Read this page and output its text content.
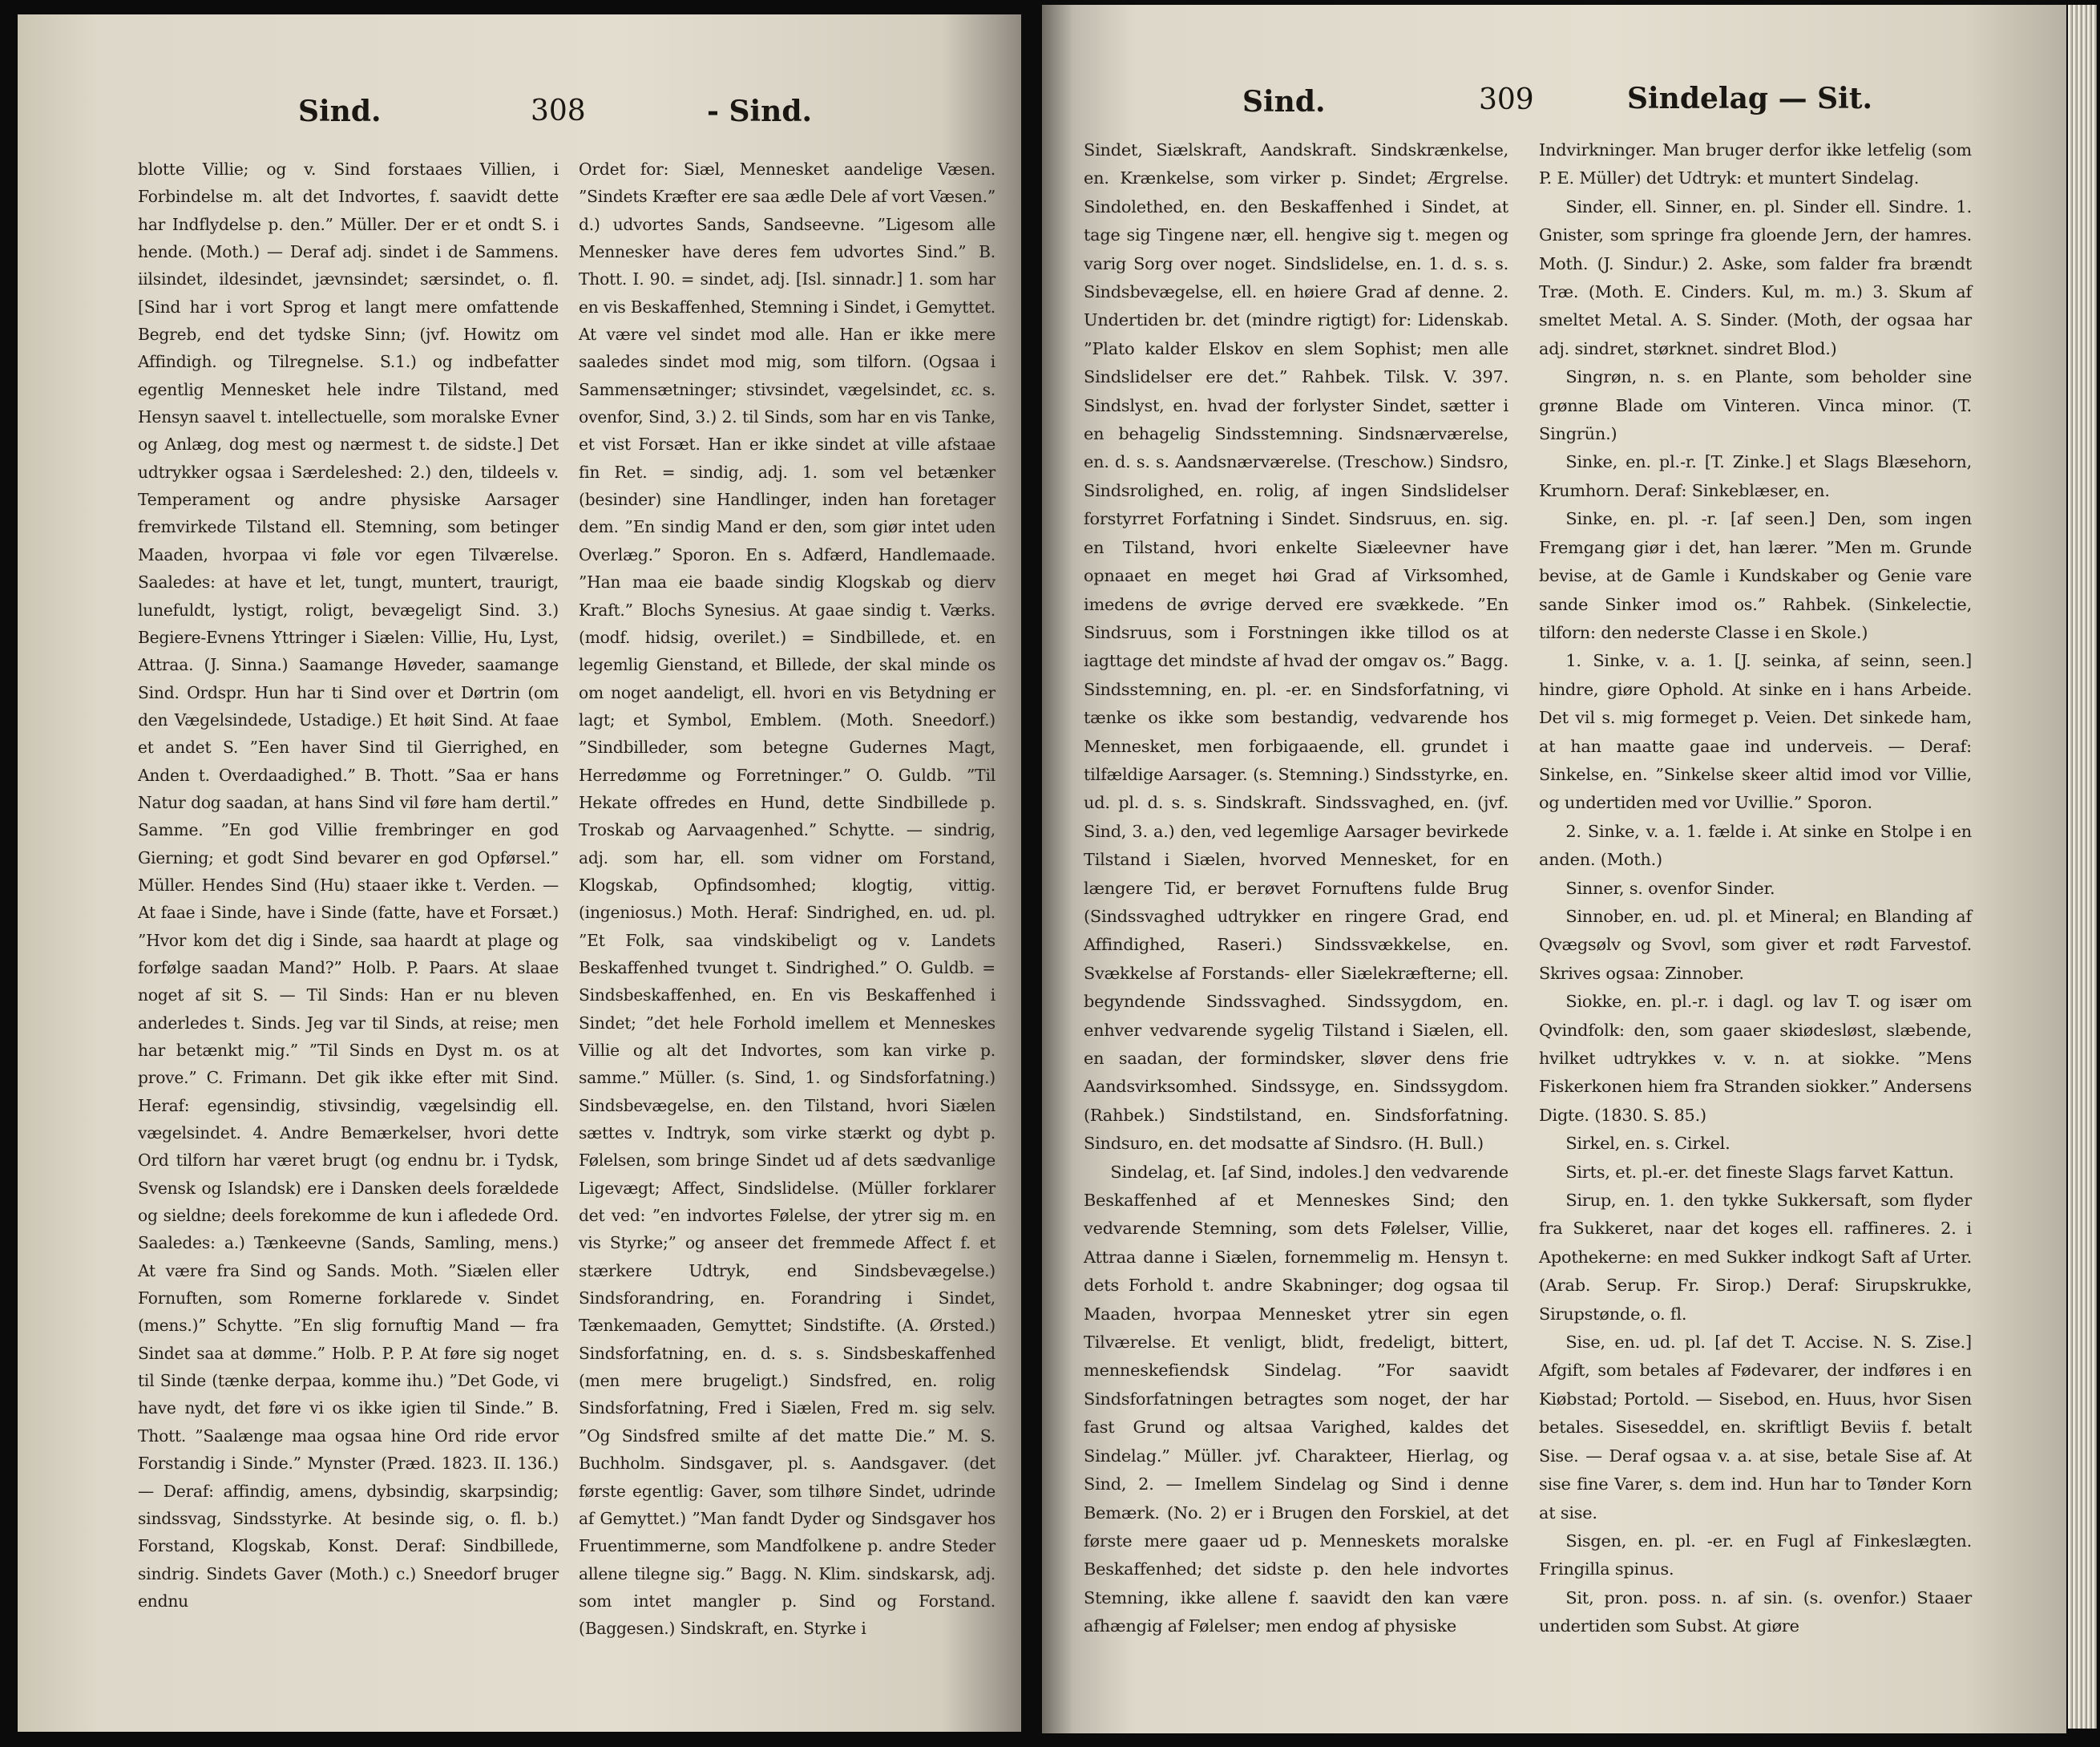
Sind.	308	- Sind.

blotte Villie; og v. Sind forstaaes Villien, i Forbindelse m. alt det Indvortes, f. saavidt dette har Indflydelse p. den.” Müller. Der er et ondt S. i hende. (Moth.) — Deraf adj. sindet i de Sammens. iilsindet, ildesindet, jævnsindet; særsindet, o. fl. [Sind har i vort Sprog et langt mere omfattende Begreb, end det tydske Sinn; (jvf. Howitz om Affindigh. og Tilregnelse. S.1.) og indbefatter egentlig Mennesket hele indre Tilstand, med Hensyn saavel t. intellectuelle, som moralske Evner og Anlæg, dog mest og nærmest t. de sidste.] Det udtrykker ogsaa i Særdeleshed: 2.) den, tildeels v. Temperament og andre physiske Aarsager fremvirkede Tilstand ell. Stemning, som betinger Maaden, hvorpaa vi føle vor egen Tilværelse. Saaledes: at have et let, tungt, muntert, traurigt, lunefuldt, lystigt, roligt, bevægeligt Sind. 3.) Begiere-Evnens Yttringer i Siælen: Villie, Hu, Lyst, Attraa. (J. Sinna.) Saamange Høveder, saamange Sind. Ordspr. Hun har ti Sind over et Dørtrin (om den Vægelsindede, Ustadige.) Et høit Sind. At faae et andet S. ”Een haver Sind til Gierrighed, en Anden t. Overdaadighed.” B. Thott. ”Saa er hans Natur dog saadan, at hans Sind vil føre ham dertil.” Samme. ”En god Villie frembringer en god Gierning; et godt Sind bevarer en god Opførsel.” Müller. Hendes Sind (Hu) staaer ikke t. Verden. — At faae i Sinde, have i Sinde (fatte, have et Forsæt.) ”Hvor kom det dig i Sinde, saa haardt at plage og forfølge saadan Mand?” Holb. P. Paars. At slaae noget af sit S. — Til Sinds: Han er nu bleven anderledes t. Sinds. Jeg var til Sinds, at reise; men har betænkt mig.” ”Til Sinds en Dyst m. os at prove.” C. Frimann. Det gik ikke efter mit Sind. Heraf: egensindig, stivsindig, vægelsindig ell. vægelsindet. 4. Andre Bemærkelser, hvori dette Ord tilforn har været brugt (og endnu br. i Tydsk, Svensk og Islandsk) ere i Dansken deels forældede og sieldne; deels forekomme de kun i afledede Ord. Saaledes: a.) Tænkeevne (Sands, Samling, mens.) At være fra Sind og Sands. Moth. ”Siælen eller Fornuften, som Romerne forklarede v. Sindet (mens.)” Schytte. ”En slig fornuftig Mand — fra Sindet saa at dømme.” Holb. P. P. At føre sig noget til Sinde (tænke derpaa, komme ihu.) ”Det Gode, vi have nydt, det føre vi os ikke igien til Sinde.” B. Thott. ”Saalænge maa ogsaa hine Ord ride ervor Forstandig i Sinde.” Mynster (Præd. 1823. II. 136.) — Deraf: affindig, amens, dybsindig, skarpsindig; sindssvag, Sindsstyrke. At besinde sig, o. fl. b.) Forstand, Klogskab, Konst. Deraf: Sindbillede, sindrig. Sindets Gaver (Moth.) c.) Sneedorf bruger endnu

Ordet for: Siæl, Mennesket aandelige Væsen. ”Sindets Kræfter ere saa ædle Dele af vort Væsen.” d.) udvortes Sands, Sandseevne. ”Ligesom alle Mennesker have deres fem udvortes Sind.” B. Thott. I. 90. = sindet, adj. [Isl. sinnadr.] 1. som har en vis Beskaffenhed, Stemning i Sindet, i Gemyttet. At være vel sindet mod alle. Han er ikke mere saaledes sindet mod mig, som tilforn. (Ogsaa i Sammensætninger; stivsindet, vægelsindet, ɛc. s. ovenfor, Sind, 3.) 2. til Sinds, som har en vis Tanke, et vist Forsæt. Han er ikke sindet at ville afstaae fin Ret. = sindig, adj. 1. som vel betænker (besinder) sine Handlinger, inden han foretager dem. ”En sindig Mand er den, som giør intet uden Overlæg.” Sporon. En s. Adfærd, Handlemaade. ”Han maa eie baade sindig Klogskab og dierv Kraft.” Blochs Synesius. At gaae sindig t. Værks. (modf. hidsig, overilet.) = Sindbillede, et. en legemlig Gienstand, et Billede, der skal minde os om noget aandeligt, ell. hvori en vis Betydning er lagt; et Symbol, Emblem. (Moth. Sneedorf.) ”Sindbilleder, som betegne Gudernes Magt, Herredømme og Forretninger.” O. Guldb. ”Til Hekate offredes en Hund, dette Sindbillede p. Troskab og Aarvaagenhed.” Schytte. — sindrig, adj. som har, ell. som vidner om Forstand, Klogskab, Opfindsomhed; klogtig, vittig. (ingeniosus.) Moth. Heraf: Sindrighed, en. ud. pl. ”Et Folk, saa vindskibeligt og v. Landets Beskaffenhed tvunget t. Sindrighed.” O. Guldb. = Sindsbeskaffenhed, en. En vis Beskaffenhed i Sindet; ”det hele Forhold imellem et Menneskes Villie og alt det Indvortes, som kan virke p. samme.” Müller. (s. Sind, 1. og Sindsforfatning.) Sindsbevægelse, en. den Tilstand, hvori Siælen sættes v. Indtryk, som virke stærkt og dybt p. Følelsen, som bringe Sindet ud af dets sædvanlige Ligevægt; Affect, Sindslidelse. (Müller forklarer det ved: ”en indvortes Følelse, der ytrer sig m. en vis Styrke;” og anseer det fremmede Affect f. et stærkere Udtryk, end Sindsbevægelse.) Sindsforandring, en. Forandring i Sindet, Tænkemaaden, Gemyttet; Sindstifte. (A. Ørsted.) Sindsforfatning, en. d. s. s. Sindsbeskaffenhed (men mere brugeligt.) Sindsfred, en. rolig Sindsforfatning, Fred i Siælen, Fred m. sig selv. ”Og Sindsfred smilte af det matte Die.” M. S. Buchholm. Sindsgaver, pl. s. Aandsgaver. (det første egentlig: Gaver, som tilhøre Sindet, udrinde af Gemyttet.) ”Man fandt Dyder og Sindsgaver hos Fruentimmerne, som Mandfolkene p. andre Steder allene tilegne sig.” Bagg. N. Klim. sindskarsk, adj. som intet mangler p. Sind og Forstand. (Baggesen.) Sindskraft, en. Styrke i

Sind.	309	Sindelag — Sit.

Sindet, Siælskraft, Aandskraft. Sindskrænkelse, en. Krænkelse, som virker p. Sindet; Ærgrelse. Sindolethed, en. den Beskaffenhed i Sindet, at tage sig Tingene nær, ell. hengive sig t. megen og varig Sorg over noget. Sindslidelse, en. 1. d. s. s. Sindsbevægelse, ell. en høiere Grad af denne. 2. Undertiden br. det (mindre rigtigt) for: Lidenskab. ”Plato kalder Elskov en slem Sophist; men alle Sindslidelser ere det.” Rahbek. Tilsk. V. 397. Sindslyst, en. hvad der forlyster Sindet, sætter i en behagelig Sindsstemning. Sindsnærværelse, en. d. s. s. Aandsnærværelse. (Treschow.) Sindsro, Sindsrolighed, en. rolig, af ingen Sindslidelser forstyrret Forfatning i Sindet. Sindsruus, en. sig. en Tilstand, hvori enkelte Siæleevner have opnaaet en meget høi Grad af Virksomhed, imedens de øvrige derved ere svækkede. ”En Sindsruus, som i Forstningen ikke tillod os at iagttage det mindste af hvad der omgav os.” Bagg. Sindsstemning, en. pl. -er. en Sindsforfatning, vi tænke os ikke som bestandig, vedvarende hos Mennesket, men forbigaaende, ell. grundet i tilfældige Aarsager. (s. Stemning.) Sindsstyrke, en. ud. pl. d. s. s. Sindskraft. Sindssvaghed, en. (jvf. Sind, 3. a.) den, ved legemlige Aarsager bevirkede Tilstand i Siælen, hvorved Mennesket, for en længere Tid, er berøvet Fornuftens fulde Brug (Sindssvaghed udtrykker en ringere Grad, end Affindighed, Raseri.) Sindssvækkelse, en. Svækkelse af Forstands- eller Siælekræfterne; ell. begyndende Sindssvaghed. Sindssygdom, en. enhver vedvarende sygelig Tilstand i Siælen, ell. en saadan, der formindsker, sløver dens frie Aandsvirksomhed. Sindssyge, en. Sindssygdom. (Rahbek.) Sindstilstand, en. Sindsforfatning. Sindsuro, en. det modsatte af Sindsro. (H. Bull.)

Sindelag, et. [af Sind, indoles.] den vedvarende Beskaffenhed af et Menneskes Sind; den vedvarende Stemning, som dets Følelser, Villie, Attraa danne i Siælen, fornemmelig m. Hensyn t. dets Forhold t. andre Skabninger; dog ogsaa til Maaden, hvorpaa Mennesket ytrer sin egen Tilværelse. Et venligt, blidt, fredeligt, bittert, menneskefiendsk Sindelag. ”For saavidt Sindsforfatningen betragtes som noget, der har fast Grund og altsaa Varighed, kaldes det Sindelag.” Müller. jvf. Charakteer, Hierlag, og Sind, 2. — Imellem Sindelag og Sind i denne Bemærk. (No. 2) er i Brugen den Forskiel, at det første mere gaaer ud p. Menneskets moralske Beskaffenhed; det sidste p. den hele indvortes Stemning, ikke allene f. saavidt den kan være afhængig af Følelser; men endog af physiske

Indvirkninger. Man bruger derfor ikke letfelig (som P. E. Müller) det Udtryk: et muntert Sindelag.

Sinder, ell. Sinner, en. pl. Sinder ell. Sindre. 1. Gnister, som springe fra gloende Jern, der hamres. Moth. (J. Sindur.) 2. Aske, som falder fra brændt Træ. (Moth. E. Cinders. Kul, m. m.) 3. Skum af smeltet Metal. A. S. Sinder. (Moth, der ogsaa har adj. sindret, størknet. sindret Blod.)

Singrøn, n. s. en Plante, som beholder sine grønne Blade om Vinteren. Vinca minor. (T. Singrün.)

Sinke, en. pl.-r. [T. Zinke.] et Slags Blæsehorn, Krumhorn. Deraf: Sinkeblæser, en.

Sinke, en. pl. -r. [af seen.] Den, som ingen Fremgang giør i det, han lærer. ”Men m. Grunde bevise, at de Gamle i Kundskaber og Genie vare sande Sinker imod os.” Rahbek. (Sinkelectie, tilforn: den nederste Classe i en Skole.)

1. Sinke, v. a. 1. [J. seinka, af seinn, seen.] hindre, giøre Ophold. At sinke en i hans Arbeide. Det vil s. mig formeget p. Veien. Det sinkede ham, at han maatte gaae ind underveis. — Deraf: Sinkelse, en. ”Sinkelse skeer altid imod vor Villie, og undertiden med vor Uvillie.” Sporon.

2. Sinke, v. a. 1. fælde i. At sinke en Stolpe i en anden. (Moth.)

Sinner, s. ovenfor Sinder.

Sinnober, en. ud. pl. et Mineral; en Blanding af Qvægsølv og Svovl, som giver et rødt Farvestof. Skrives ogsaa: Zinnober.

Siokke, en. pl.-r. i dagl. og lav T. og især om Qvindfolk: den, som gaaer skiødesløst, slæbende, hvilket udtrykkes v. v. n. at siokke. ”Mens Fiskerkonen hiem fra Stranden siokker.” Andersens Digte. (1830. S. 85.)

Sirkel, en. s. Cirkel.

Sirts, et. pl.-er. det fineste Slags farvet Kattun.

Sirup, en. 1. den tykke Sukkersaft, som flyder fra Sukkeret, naar det koges ell. raffineres. 2. i Apothekerne: en med Sukker indkogt Saft af Urter. (Arab. Serup. Fr. Sirop.) Deraf: Sirupskrukke, Sirupstønde, o. fl.

Sise, en. ud. pl. [af det T. Accise. N. S. Zise.] Afgift, som betales af Fødevarer, der indføres i en Kiøbstad; Portold. — Sisebod, en. Huus, hvor Sisen betales. Siseseddel, en. skriftligt Beviis f. betalt Sise. — Deraf ogsaa v. a. at sise, betale Sise af. At sise fine Varer, s. dem ind. Hun har to Tønder Korn at sise.

Sisgen, en. pl. -er. en Fugl af Finkeslægten. Fringilla spinus.

Sit, pron. poss. n. af sin. (s. ovenfor.) Staaer undertiden som Subst. At giøre
